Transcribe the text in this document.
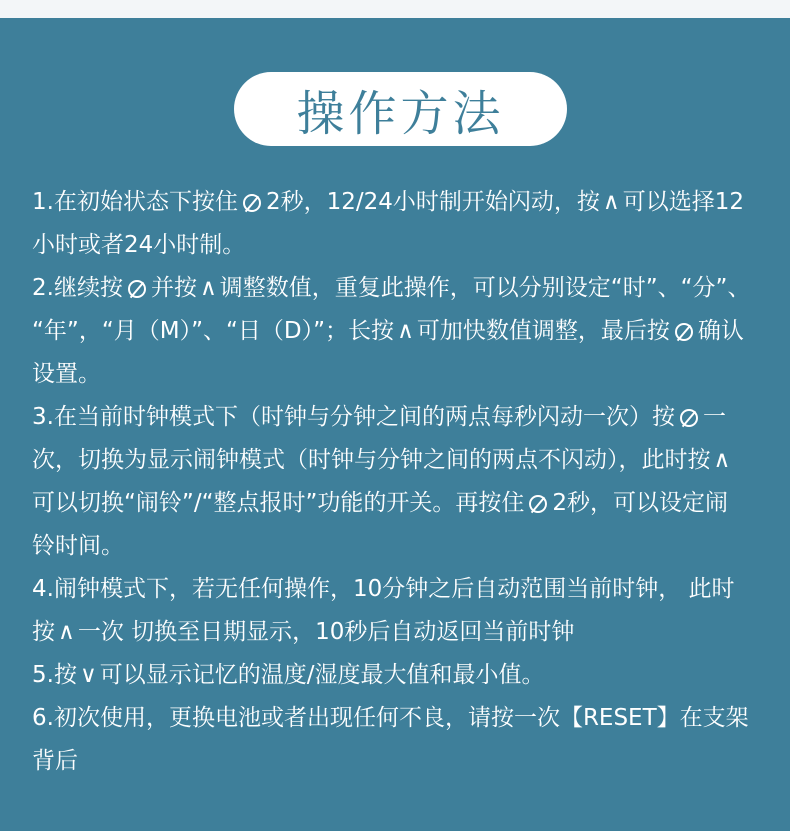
操作方法
1.在初始状态下按住 2秒，12/24小时制开始闪动，按 ∧ 可以选择12
小时或者24小时制。
2.继续按 并按 ∧ 调整数值，重复此操作，可以分别设定“时”、“分”、
“年”，“月（M）”、“日（D）”；长按 ∧ 可加快数值调整，最后按 确认
设置。
3.在当前时钟模式下（时钟与分钟之间的两点每秒闪动一次）按 一
次，切换为显示闹钟模式（时钟与分钟之间的两点不闪动），此时按 ∧
可以切换“闹铃”/“整点报时”功能的开关。再按住 2秒，可以设定闹
铃时间。
4.闹钟模式下，若无任何操作，10分钟之后自动范围当前时钟， 此时
按 ∧ 一次 切换至日期显示，10秒后自动返回当前时钟
5.按 ∨ 可以显示记忆的温度/湿度最大值和最小值。
6.初次使用，更换电池或者出现任何不良，请按一次【RESET】在支架
背后
